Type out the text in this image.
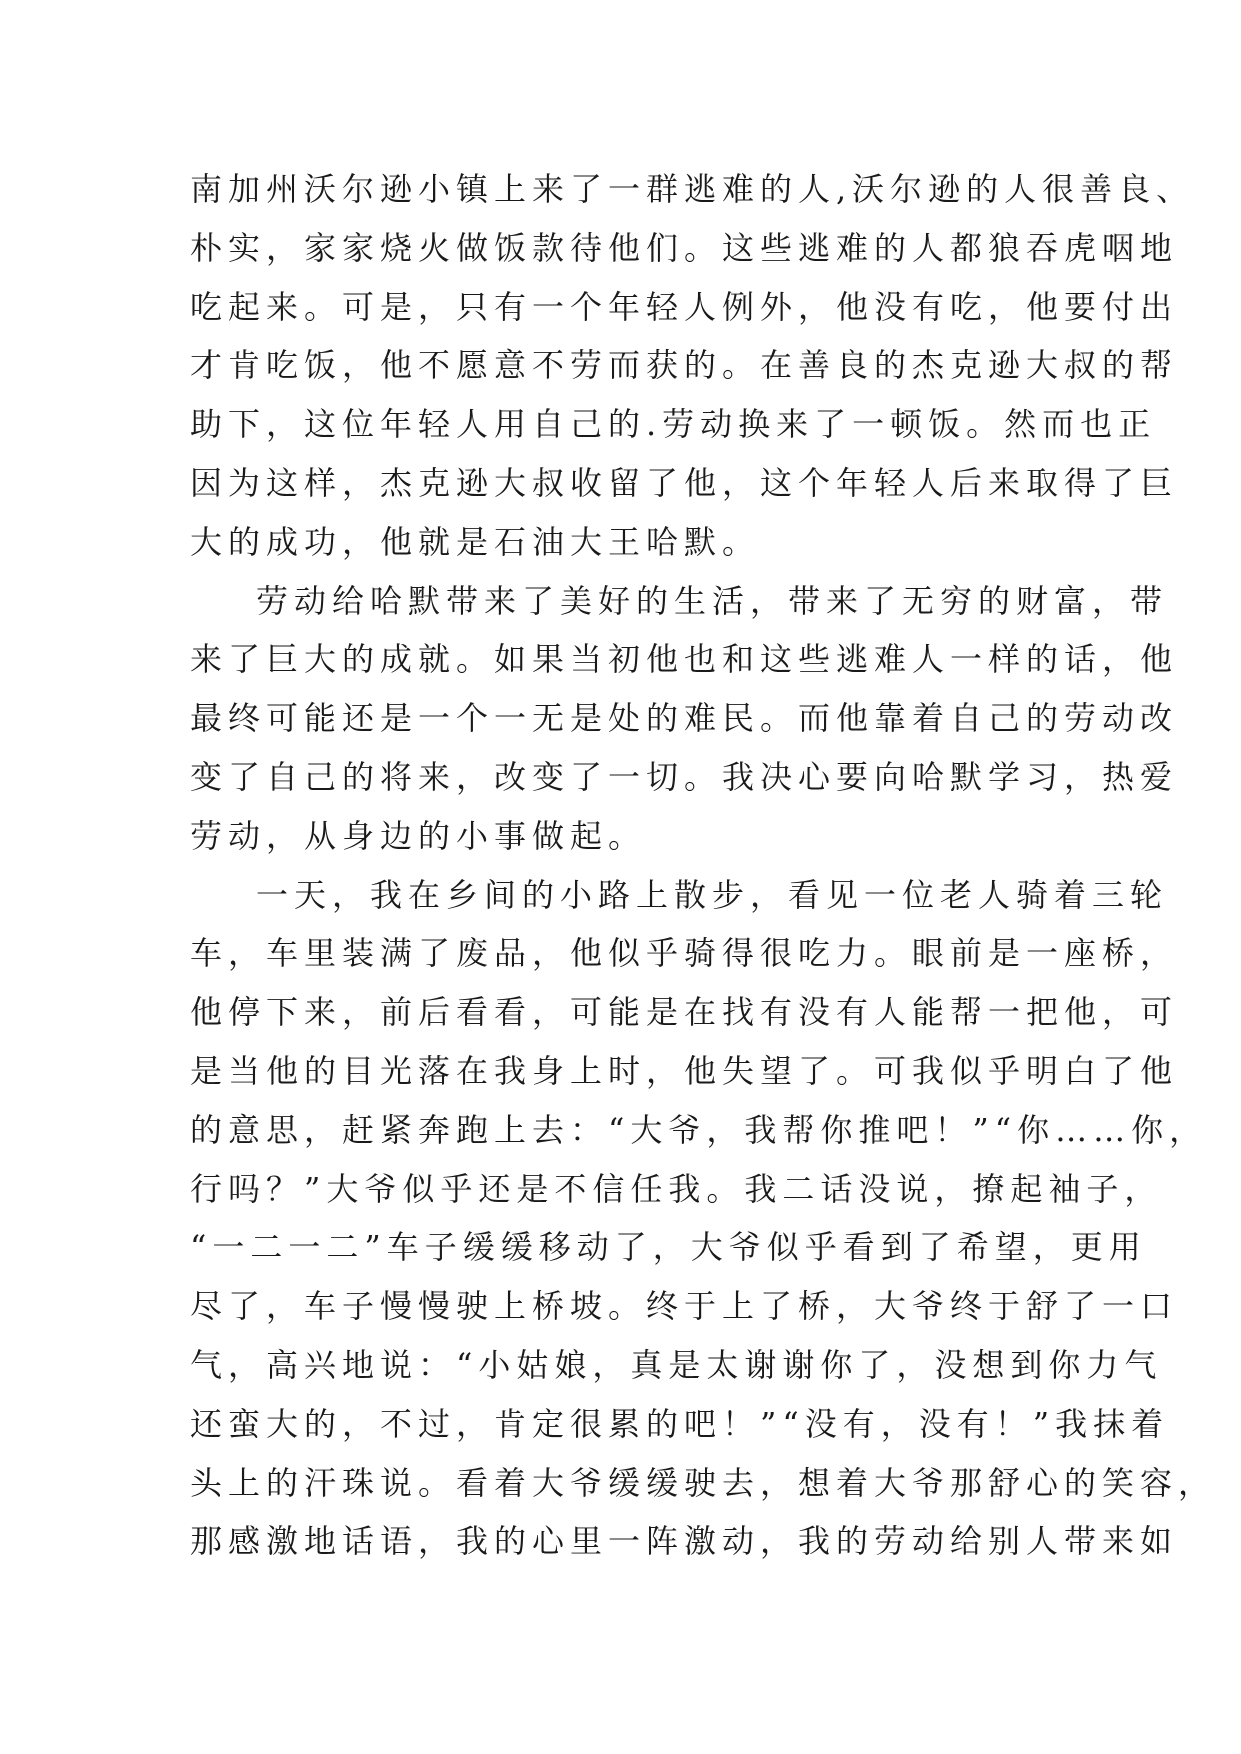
南加州沃尔逊小镇上来了一群逃难的人,沃尔逊的人很善良、
朴实，家家烧火做饭款待他们。这些逃难的人都狼吞虎咽地
吃起来。可是，只有一个年轻人例外，他没有吃，他要付出
才肯吃饭，他不愿意不劳而获的。在善良的杰克逊大叔的帮
助下，这位年轻人用自己的.劳动换来了一顿饭。然而也正
因为这样，杰克逊大叔收留了他，这个年轻人后来取得了巨
大的成功，他就是石油大王哈默。
劳动给哈默带来了美好的生活，带来了无穷的财富，带
来了巨大的成就。如果当初他也和这些逃难人一样的话，他
最终可能还是一个一无是处的难民。而他靠着自己的劳动改
变了自己的将来，改变了一切。我决心要向哈默学习，热爱
劳动，从身边的小事做起。
一天，我在乡间的小路上散步，看见一位老人骑着三轮
车，车里装满了废品，他似乎骑得很吃力。眼前是一座桥，
他停下来，前后看看，可能是在找有没有人能帮一把他，可
是当他的目光落在我身上时，他失望了。可我似乎明白了他
的意思，赶紧奔跑上去：“大爷，我帮你推吧！”“你……你，
行吗？”大爷似乎还是不信任我。我二话没说，撩起袖子，
“一二一二”车子缓缓移动了，大爷似乎看到了希望，更用
尽了，车子慢慢驶上桥坡。终于上了桥，大爷终于舒了一口
气，高兴地说：“小姑娘，真是太谢谢你了，没想到你力气
还蛮大的，不过，肯定很累的吧！”“没有，没有！”我抹着
头上的汗珠说。看着大爷缓缓驶去，想着大爷那舒心的笑容，
那感激地话语，我的心里一阵激动，我的劳动给别人带来如
